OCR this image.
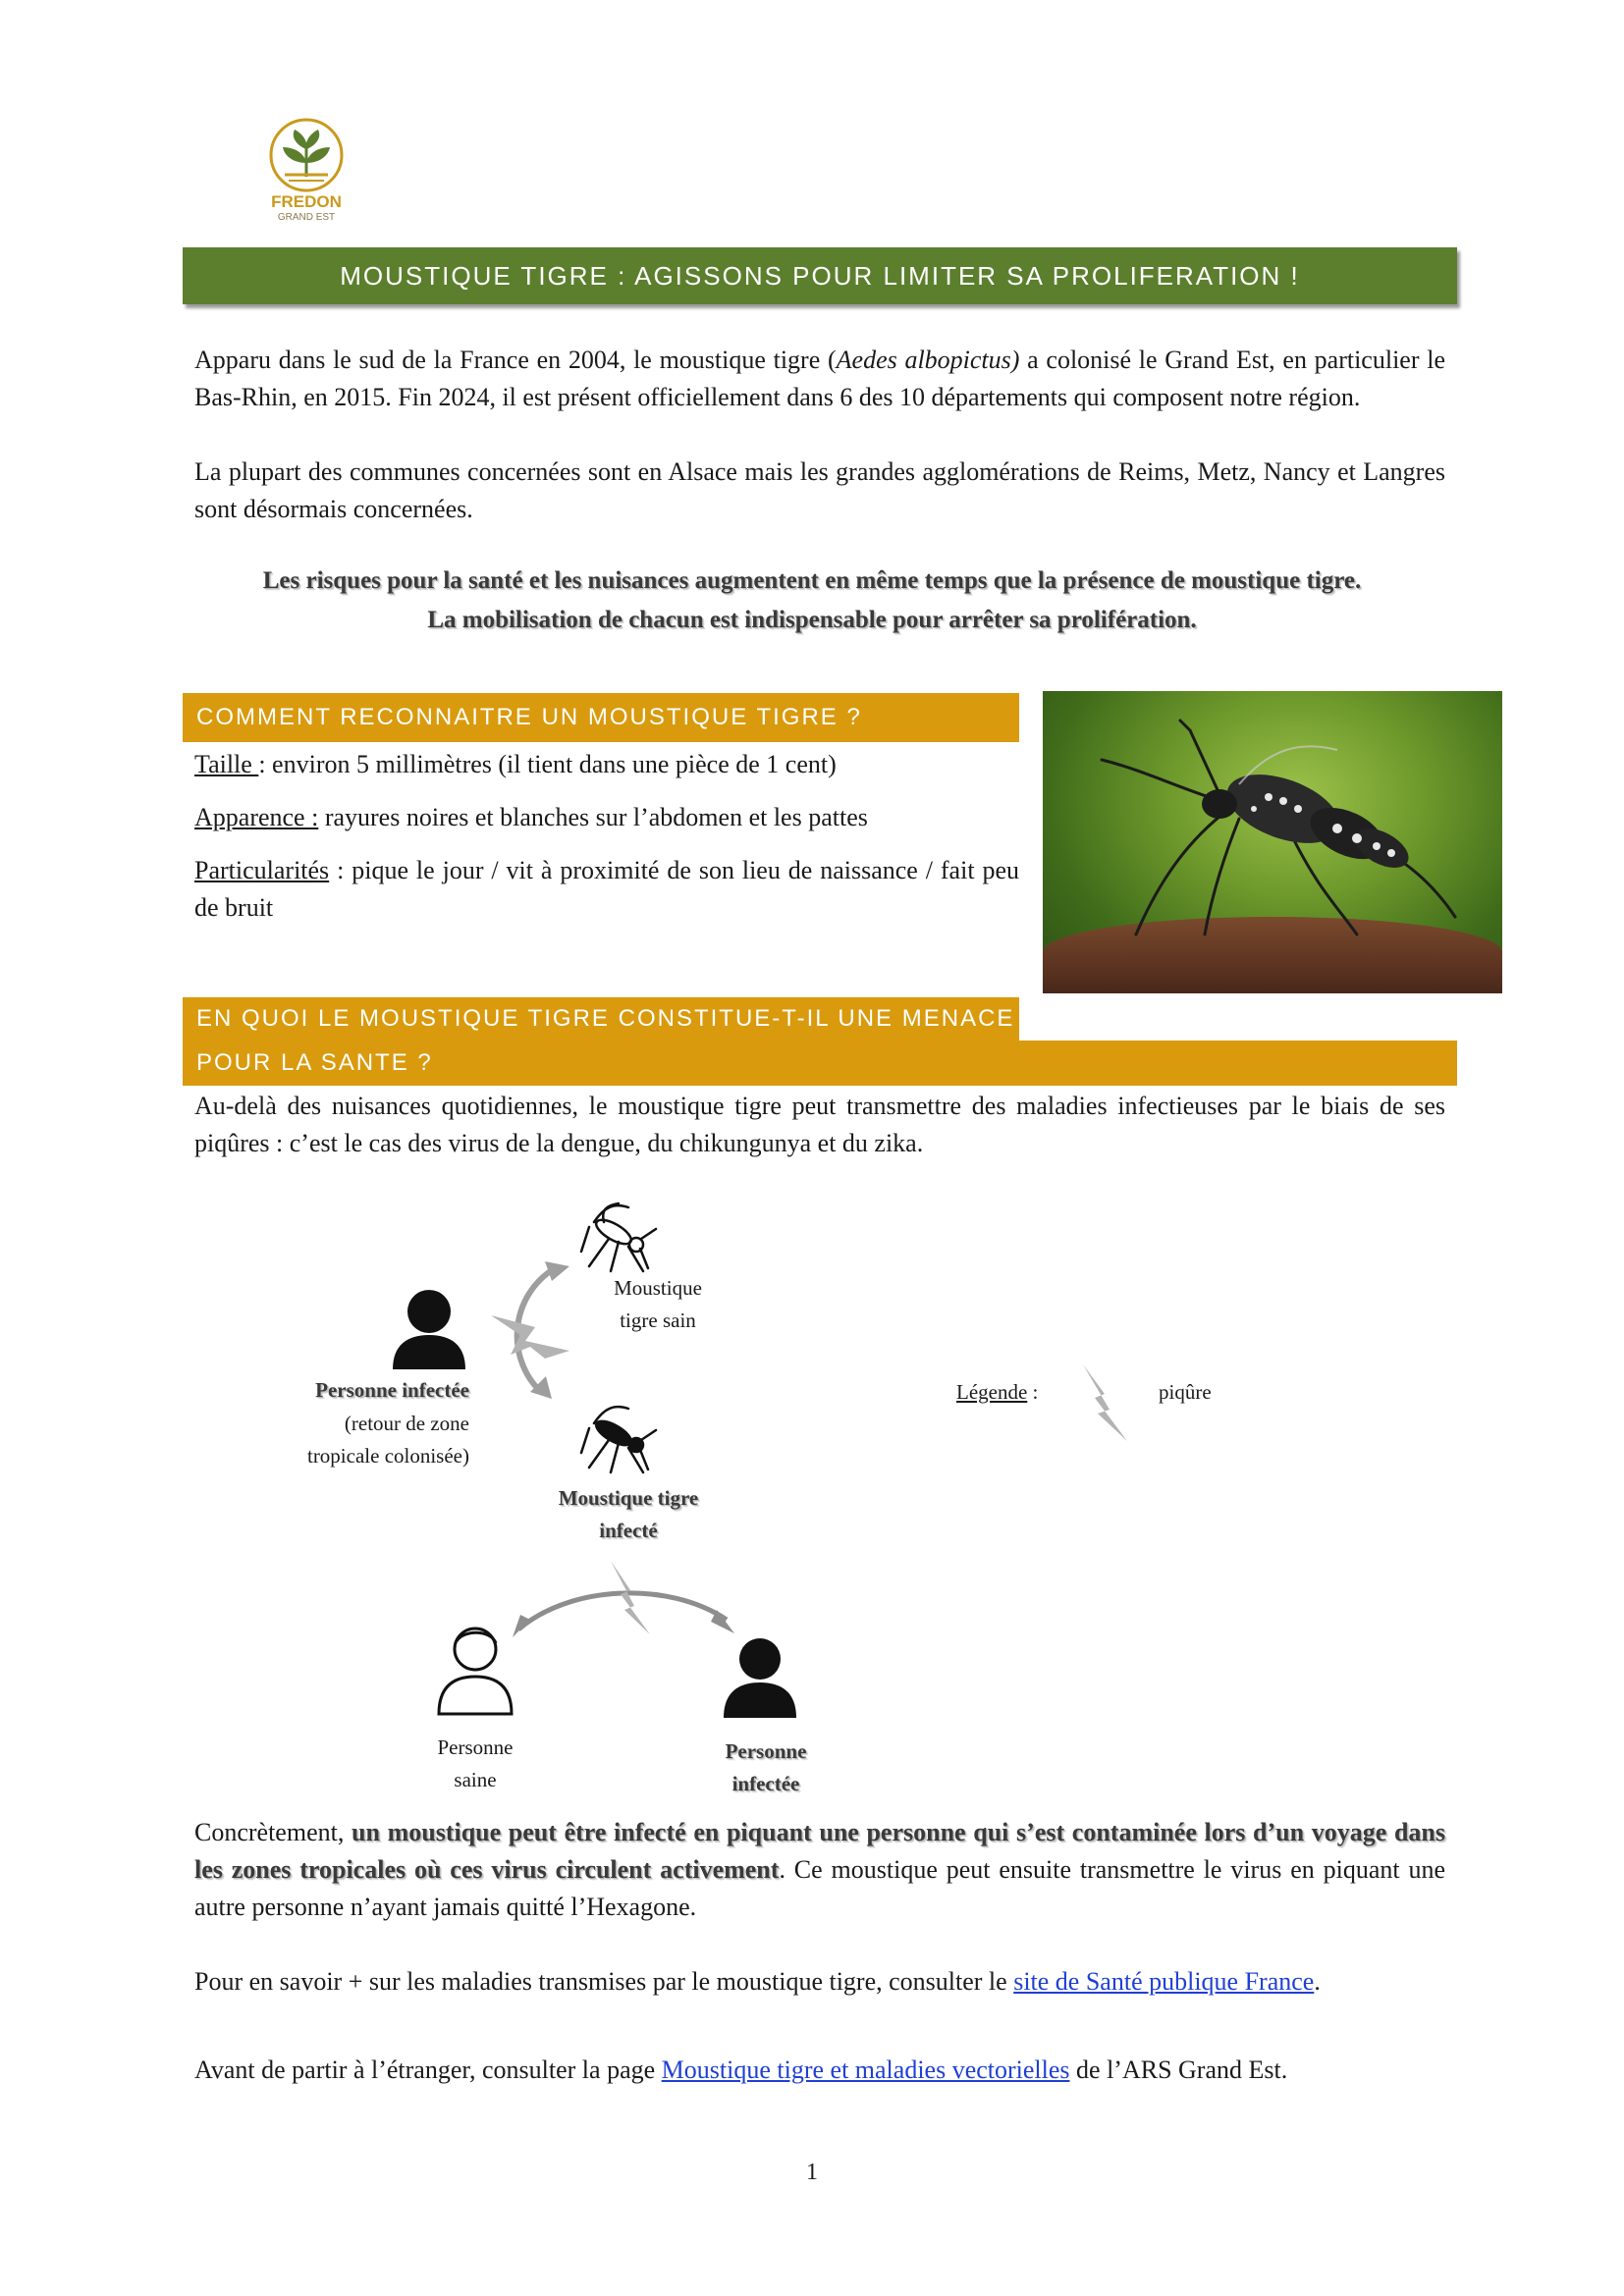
FREDON
GRAND EST
MOUSTIQUE TIGRE : AGISSONS POUR LIMITER SA PROLIFERATION !
Apparu dans le sud de la France en 2004, le moustique tigre (Aedes albopictus) a colonisé le Grand Est, en particulier le Bas-Rhin, en 2015. Fin 2024, il est présent officiellement dans 6 des 10 départements qui composent notre région.
La plupart des communes concernées sont en Alsace mais les grandes agglomérations de Reims, Metz, Nancy et Langres sont désormais concernées.
Les risques pour la santé et les nuisances augmentent en même temps que la présence de moustique tigre.
La mobilisation de chacun est indispensable pour arrêter sa prolifération.
COMMENT RECONNAITRE UN MOUSTIQUE TIGRE ?
Taille : environ 5 millimètres (il tient dans une pièce de 1 cent)
Apparence : rayures noires et blanches sur l’abdomen et les pattes
Particularités : pique le jour / vit à proximité de son lieu de naissance / fait peu de bruit
EN QUOI LE MOUSTIQUE TIGRE CONSTITUE-T-IL UNE MENACE
POUR LA SANTE ?
Au-delà des nuisances quotidiennes, le moustique tigre peut transmettre des maladies infectieuses par le biais de ses piqûres : c’est le cas des virus de la dengue, du chikungunya et du zika.
Moustique
tigre sain
Personne infectée
(retour de zone
tropicale colonisée)
Moustique tigre
infecté
Personne
saine
Personne
infectée
Légende :	piqûre
Concrètement, un moustique peut être infecté en piquant une personne qui s’est contaminée lors d’un voyage dans les zones tropicales où ces virus circulent activement. Ce moustique peut ensuite transmettre le virus en piquant une autre personne n’ayant jamais quitté l’Hexagone.
Pour en savoir + sur les maladies transmises par le moustique tigre, consulter le site de Santé publique France.
Avant de partir à l’étranger, consulter la page Moustique tigre et maladies vectorielles de l’ARS Grand Est.
1
